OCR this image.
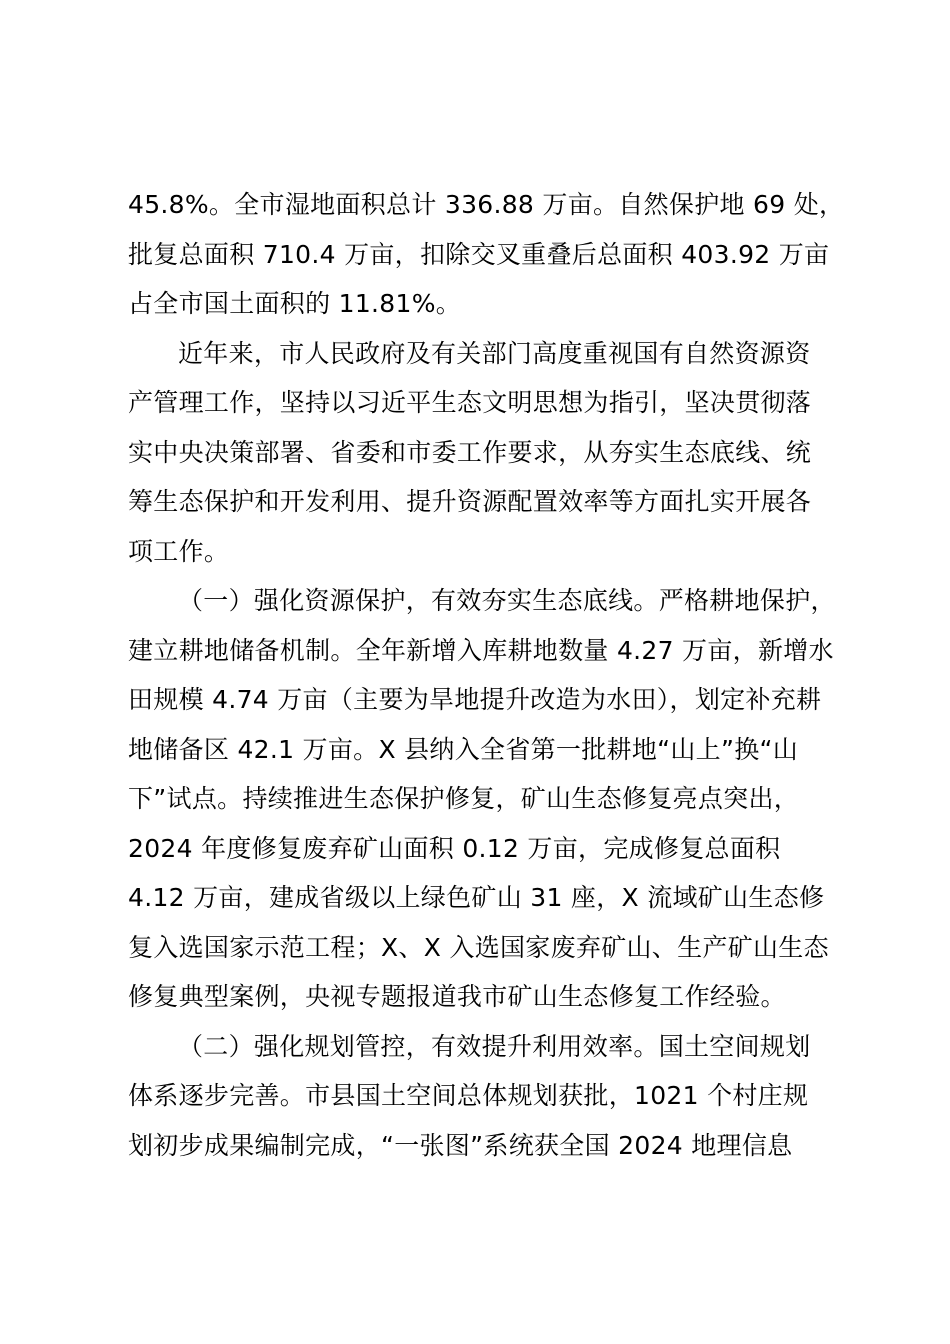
45.8%。全市湿地面积总计 336.88 万亩。自然保护地 69 处，
批复总面积 710.4 万亩，扣除交叉重叠后总面积 403.92 万亩
占全市国土面积的 11.81%。
近年来，市人民政府及有关部门高度重视国有自然资源资
产管理工作，坚持以习近平生态文明思想为指引，坚决贯彻落
实中央决策部署、省委和市委工作要求，从夯实生态底线、统
筹生态保护和开发利用、提升资源配置效率等方面扎实开展各
项工作。
（一）强化资源保护，有效夯实生态底线。严格耕地保护，
建立耕地储备机制。全年新增入库耕地数量 4.27 万亩，新增水
田规模 4.74 万亩（主要为旱地提升改造为水田），划定补充耕
地储备区 42.1 万亩。X 县纳入全省第一批耕地“山上”换“山
下”试点。持续推进生态保护修复，矿山生态修复亮点突出，
2024 年度修复废弃矿山面积 0.12 万亩，完成修复总面积
4.12 万亩，建成省级以上绿色矿山 31 座，X 流域矿山生态修
复入选国家示范工程；X、X 入选国家废弃矿山、生产矿山生态
修复典型案例，央视专题报道我市矿山生态修复工作经验。
（二）强化规划管控，有效提升利用效率。国土空间规划
体系逐步完善。市县国土空间总体规划获批，1021 个村庄规
划初步成果编制完成，“一张图”系统获全国 2024 地理信息
